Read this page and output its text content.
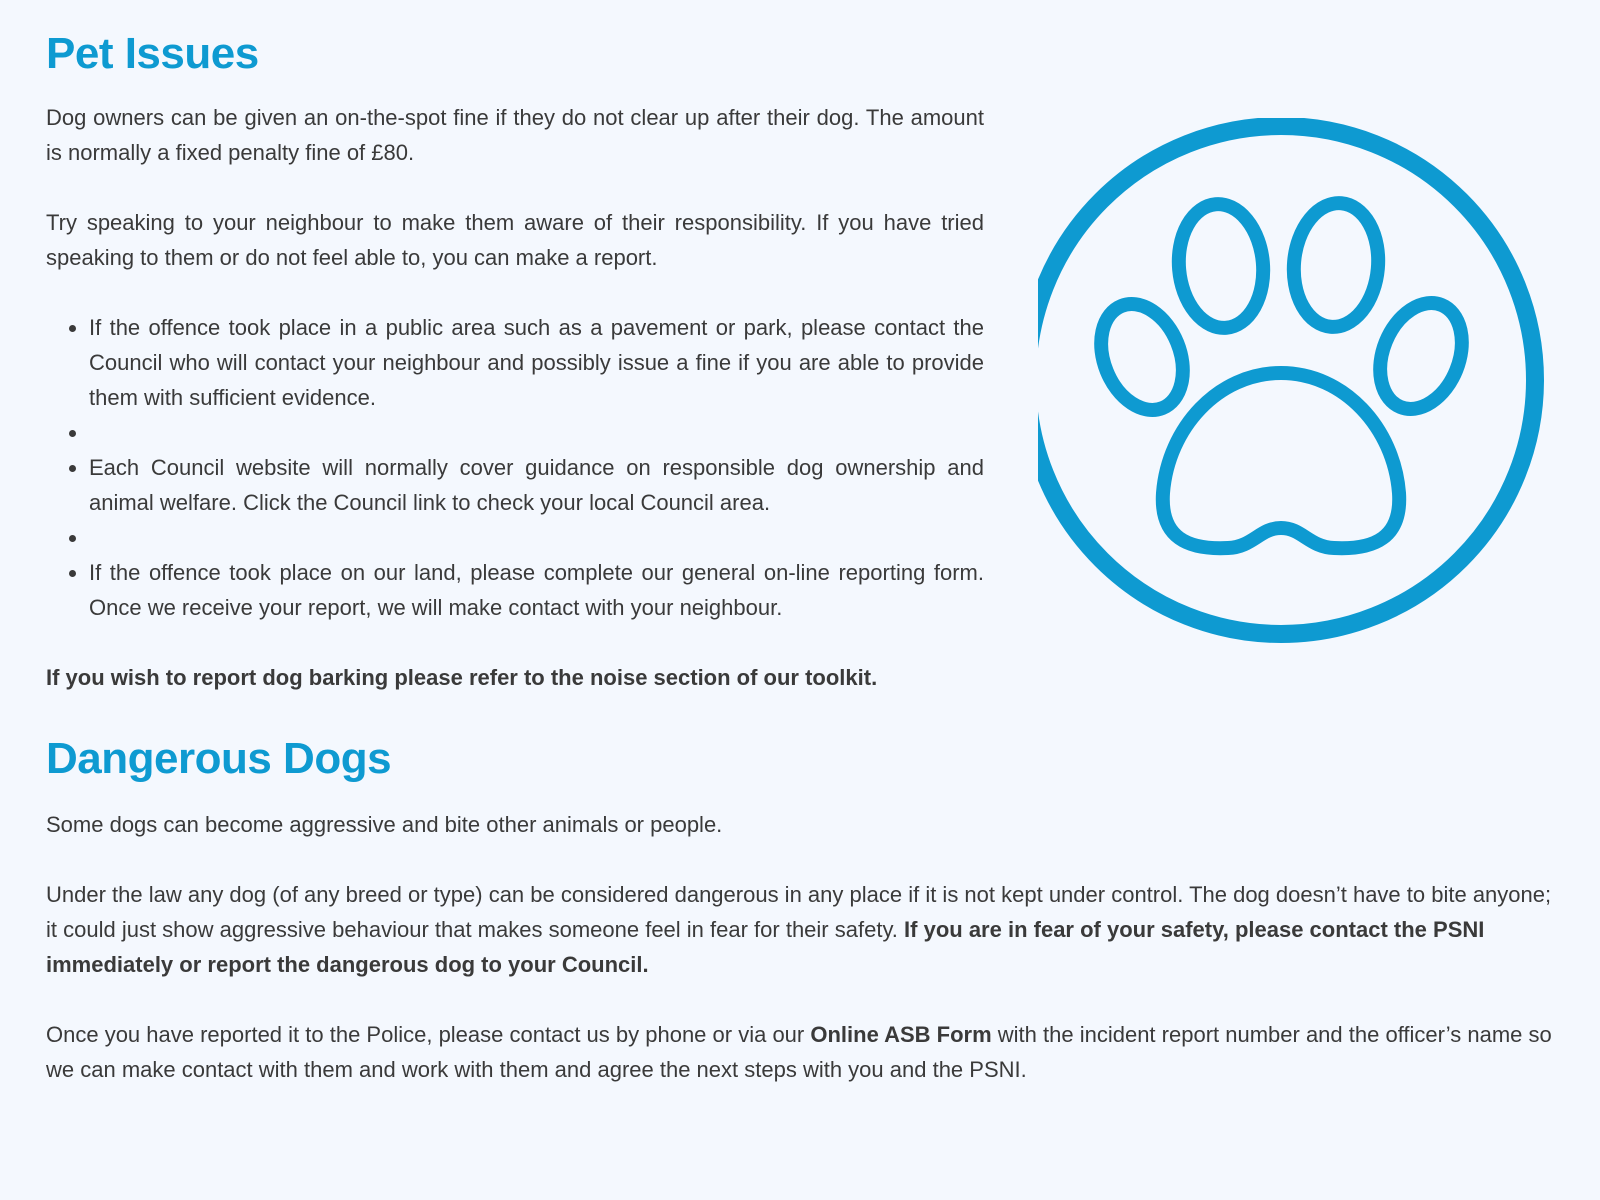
Pet Issues

Dog owners can be given an on-the-spot fine if they do not clear up after their dog. The amount is normally a fixed penalty fine of £80.

Try speaking to your neighbour to make them aware of their responsibility. If you have tried speaking to them or do not feel able to, you can make a report.

• If the offence took place in a public area such as a pavement or park, please contact the Council who will contact your neighbour and possibly issue a fine if you are able to provide them with sufficient evidence.
•
• Each Council website will normally cover guidance on responsible dog ownership and animal welfare. Click the Council link to check your local Council area.
•
• If the offence took place on our land, please complete our general on-line reporting form. Once we receive your report, we will make contact with your neighbour.

If you wish to report dog barking please refer to the noise section of our toolkit.

Dangerous Dogs

Some dogs can become aggressive and bite other animals or people.

Under the law any dog (of any breed or type) can be considered dangerous in any place if it is not kept under control. The dog doesn’t have to bite anyone; it could just show aggressive behaviour that makes someone feel in fear for their safety. If you are in fear of your safety, please contact the PSNI immediately or report the dangerous dog to your Council.

Once you have reported it to the Police, please contact us by phone or via our Online ASB Form with the incident report number and the officer’s name so we can make contact with them and work with them and agree the next steps with you and the PSNI.
